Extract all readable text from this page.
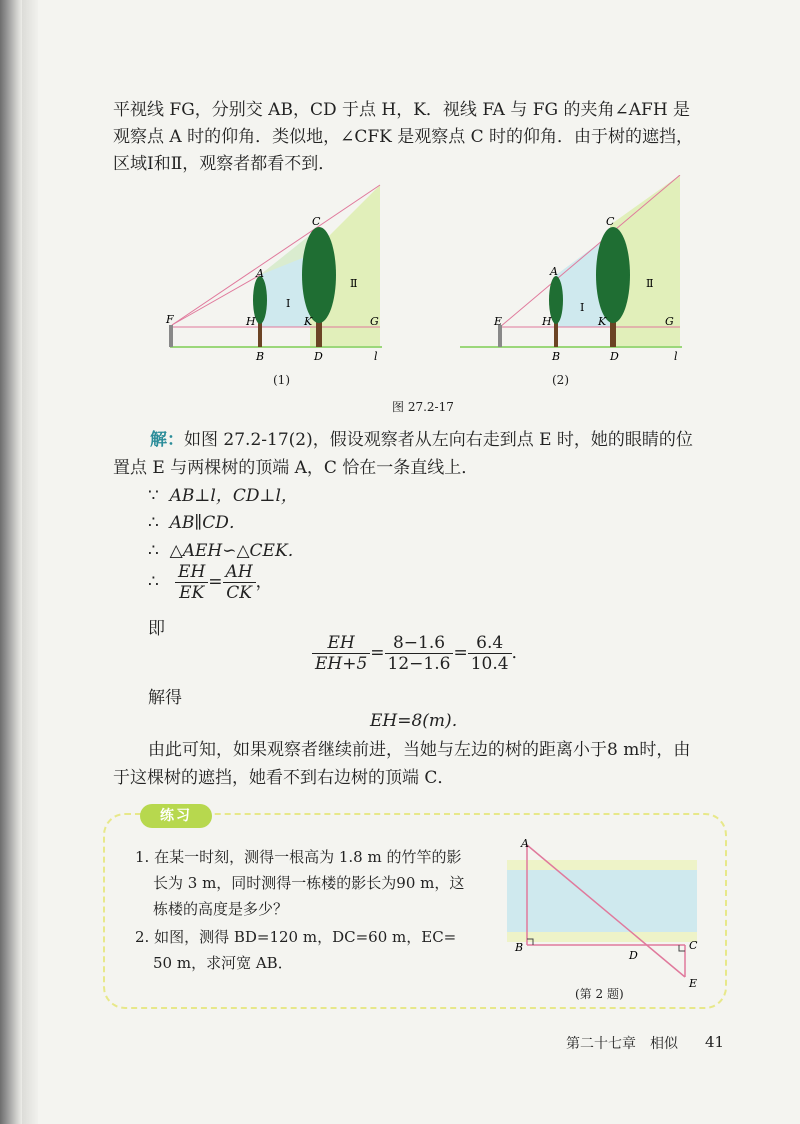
平视线 FG，分别交 AB，CD 于点 H，K．视线 FA 与 FG 的夹角∠AFH 是
观察点 A 时的仰角．类似地，∠CFK 是观察点 C 时的仰角．由于树的遮挡，
区域Ⅰ和Ⅱ，观察者都看不到．
A
B
C
D
F	G
H	K
l
Ⅰ
Ⅱ
(1)
A
B
C
D
E	G
H	K
l
Ⅰ
Ⅱ
(2)
图 27.2-17
解：如图 27.2-17(2)，假设观察者从左向右走到点 E 时，她的眼睛的位
置点 E 与两棵树的顶端 A，C 恰在一条直线上．
∵ AB⊥l，CD⊥l，
∴ AB∥CD．
∴ △AEH∽△CEK．
∴ $\frac{EH}{EK} = \frac{AH}{CK}$ ，
即
$\frac{EH}{EH+5} = \frac{8-1.6}{12-1.6} = \frac{6.4}{10.4}$ ．
解得
EH=8(m)．
由此可知，如果观察者继续前进，当她与左边的树的距离小于8 m时，由
于这棵树的遮挡，她看不到右边树的顶端 C．
练习
1. 在某一时刻，测得一根高为 1.8 m 的竹竿的影
长为 3 m，同时测得一栋楼的影长为90 m，这
栋楼的高度是多少？
2. 如图，测得 BD=120 m，DC=60 m，EC=
50 m，求河宽 AB．
A
B	C
D
E
(第 2 题)
第二十七章　相似 41
